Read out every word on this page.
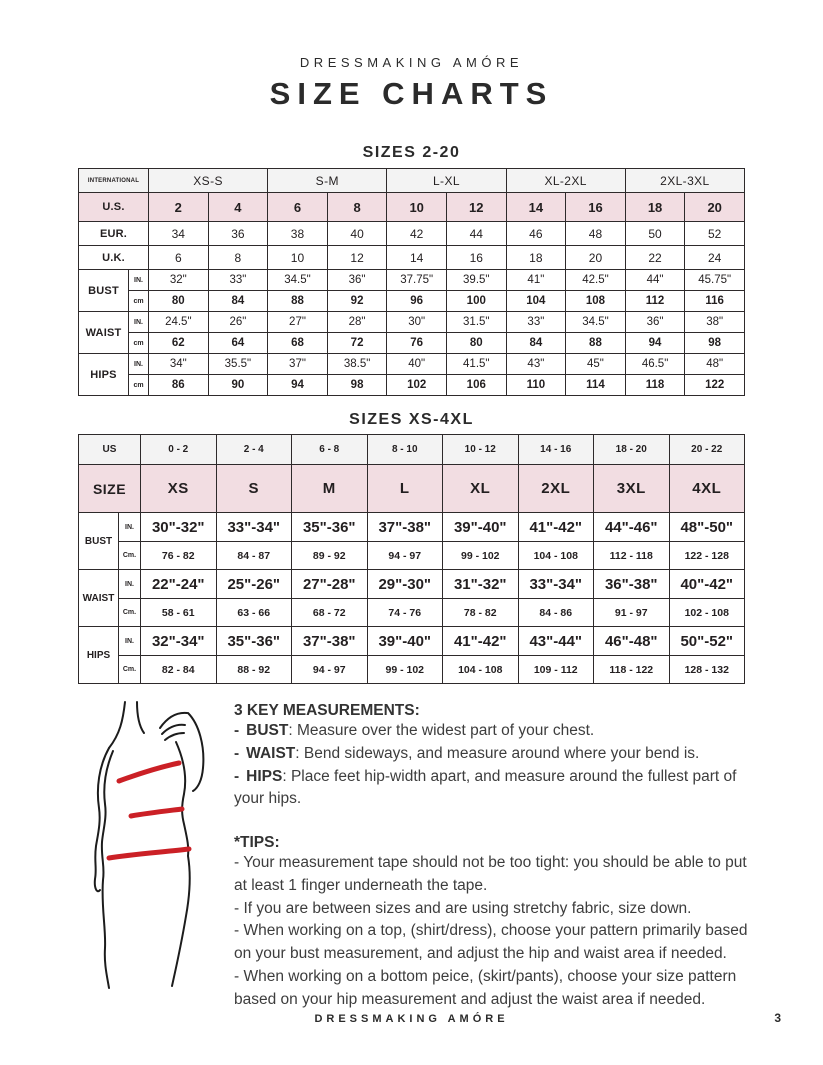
DRESSMAKING AMÓRE
SIZE CHARTS
SIZES 2-20
INTERNATIONAL		XS-S		S-M		L-XL		XL-2XL		2XL-3XL	
U.S.		2	4	6	8	10	12	14	16	18	20
EUR.		34	36	38	40	42	44	46	48	50	52
U.K.		6	8	10	12	14	16	18	20	22	24
BUST	IN.	32"	33"	34.5"	36"	37.75"	39.5"	41"	42.5"	44"	45.75"
	cm	80	84	88	92	96	100	104	108	112	116
WAIST	IN.	24.5"	26"	27"	28"	30"	31.5"	33"	34.5"	36"	38"
	cm	62	64	68	72	76	80	84	88	94	98
HIPS	IN.	34"	35.5"	37"	38.5"	40"	41.5"	43"	45"	46.5"	48"
	cm	86	90	94	98	102	106	110	114	118	122
SIZES XS-4XL
US		0 - 2	2 - 4	6 - 8	8 - 10	10 - 12	14 - 16	18 - 20	20 - 22
SIZE		XS	S	M	L	XL	2XL	3XL	4XL
BUST	IN.	30"-32"	33"-34"	35"-36"	37"-38"	39"-40"	41"-42"	44"-46"	48"-50"
	Cm.	76 - 82	84 - 87	89 - 92	94 - 97	99 - 102	104 - 108	112 - 118	122 - 128
WAIST	IN.	22"-24"	25"-26"	27"-28"	29"-30"	31"-32"	33"-34"	36"-38"	40"-42"
	Cm.	58 - 61	63 - 66	68 - 72	74 - 76	78 - 82	84 - 86	91 - 97	102 - 108
HIPS	IN.	32"-34"	35"-36"	37"-38"	39"-40"	41"-42"	43"-44"	46"-48"	50"-52"
	Cm.	82 - 84	88 - 92	94 - 97	99 - 102	104 - 108	109 - 112	118 - 122	128 - 132
3 KEY MEASUREMENTS:
- BUST: Measure over the widest part of your chest.
- WAIST: Bend sideways, and measure around where your bend is.
- HIPS: Place feet hip-width apart, and measure around the fullest part of your hips.
*TIPS:
- Your measurement tape should not be too tight: you should be able to put at least 1 finger underneath the tape.
- If you are between sizes and are using stretchy fabric, size down.
- When working on a top, (shirt/dress), choose your pattern primarily based on your bust measurement, and adjust the hip and waist area if needed.
- When working on a bottom peice, (skirt/pants), choose your size pattern based on your hip measurement and adjust the waist area if needed.
DRESSMAKING AMÓRE	3
